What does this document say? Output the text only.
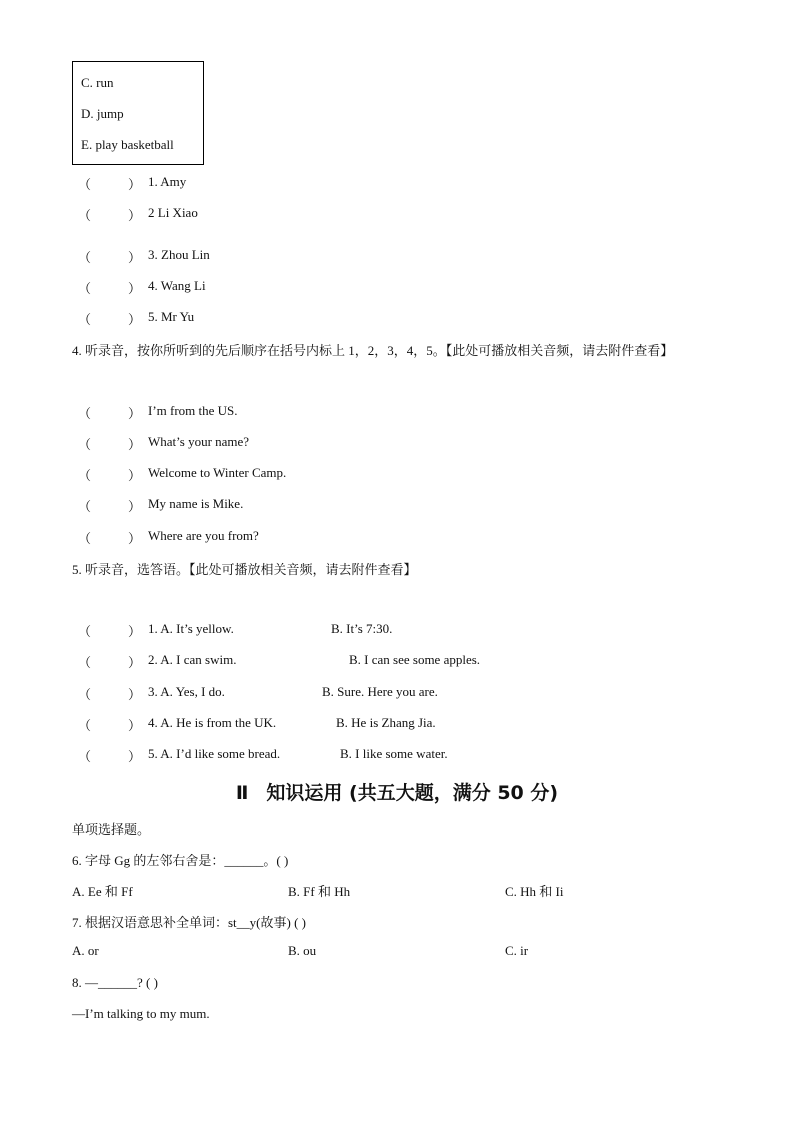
C. run
D. jump
E. play basketball
（	） 1. Amy
（	） 2 Li Xiao
（	） 3. Zhou Lin
（	） 4. Wang Li
（	） 5. Mr Yu
4. 听录音，按你所听到的先后顺序在括号内标上 1，2，3，4，5。【此处可播放相关音频，请去附件查看】
（	） I’m from the US.
（	） What’s your name?
（	） Welcome to Winter Camp.
（	） My name is Mike.
（	） Where are you from?
5. 听录音，选答语。【此处可播放相关音频，请去附件查看】
（	） 1. A. It’s yellow.	B. It’s 7:30.
（	） 2. A. I can swim.	B. I can see some apples.
（	） 3. A. Yes, I do.	B. Sure. Here you are.
（	） 4. A. He is from the UK.	B. He is Zhang Jia.
（	） 5. A. I’d like some bread.	B. I like some water.
Ⅱ 知识运用 (共五大题，满分 50 分)
单项选择题。
6. 字母 Gg 的左邻右舍是：______。( )
A. Ee 和 Ff	B. Ff 和 Hh	C. Hh 和 Ii
7. 根据汉语意思补全单词：st__y(故事) ( )
A. or	B. ou	C. ir
8. —______? ( )
—I’m talking to my mum.
